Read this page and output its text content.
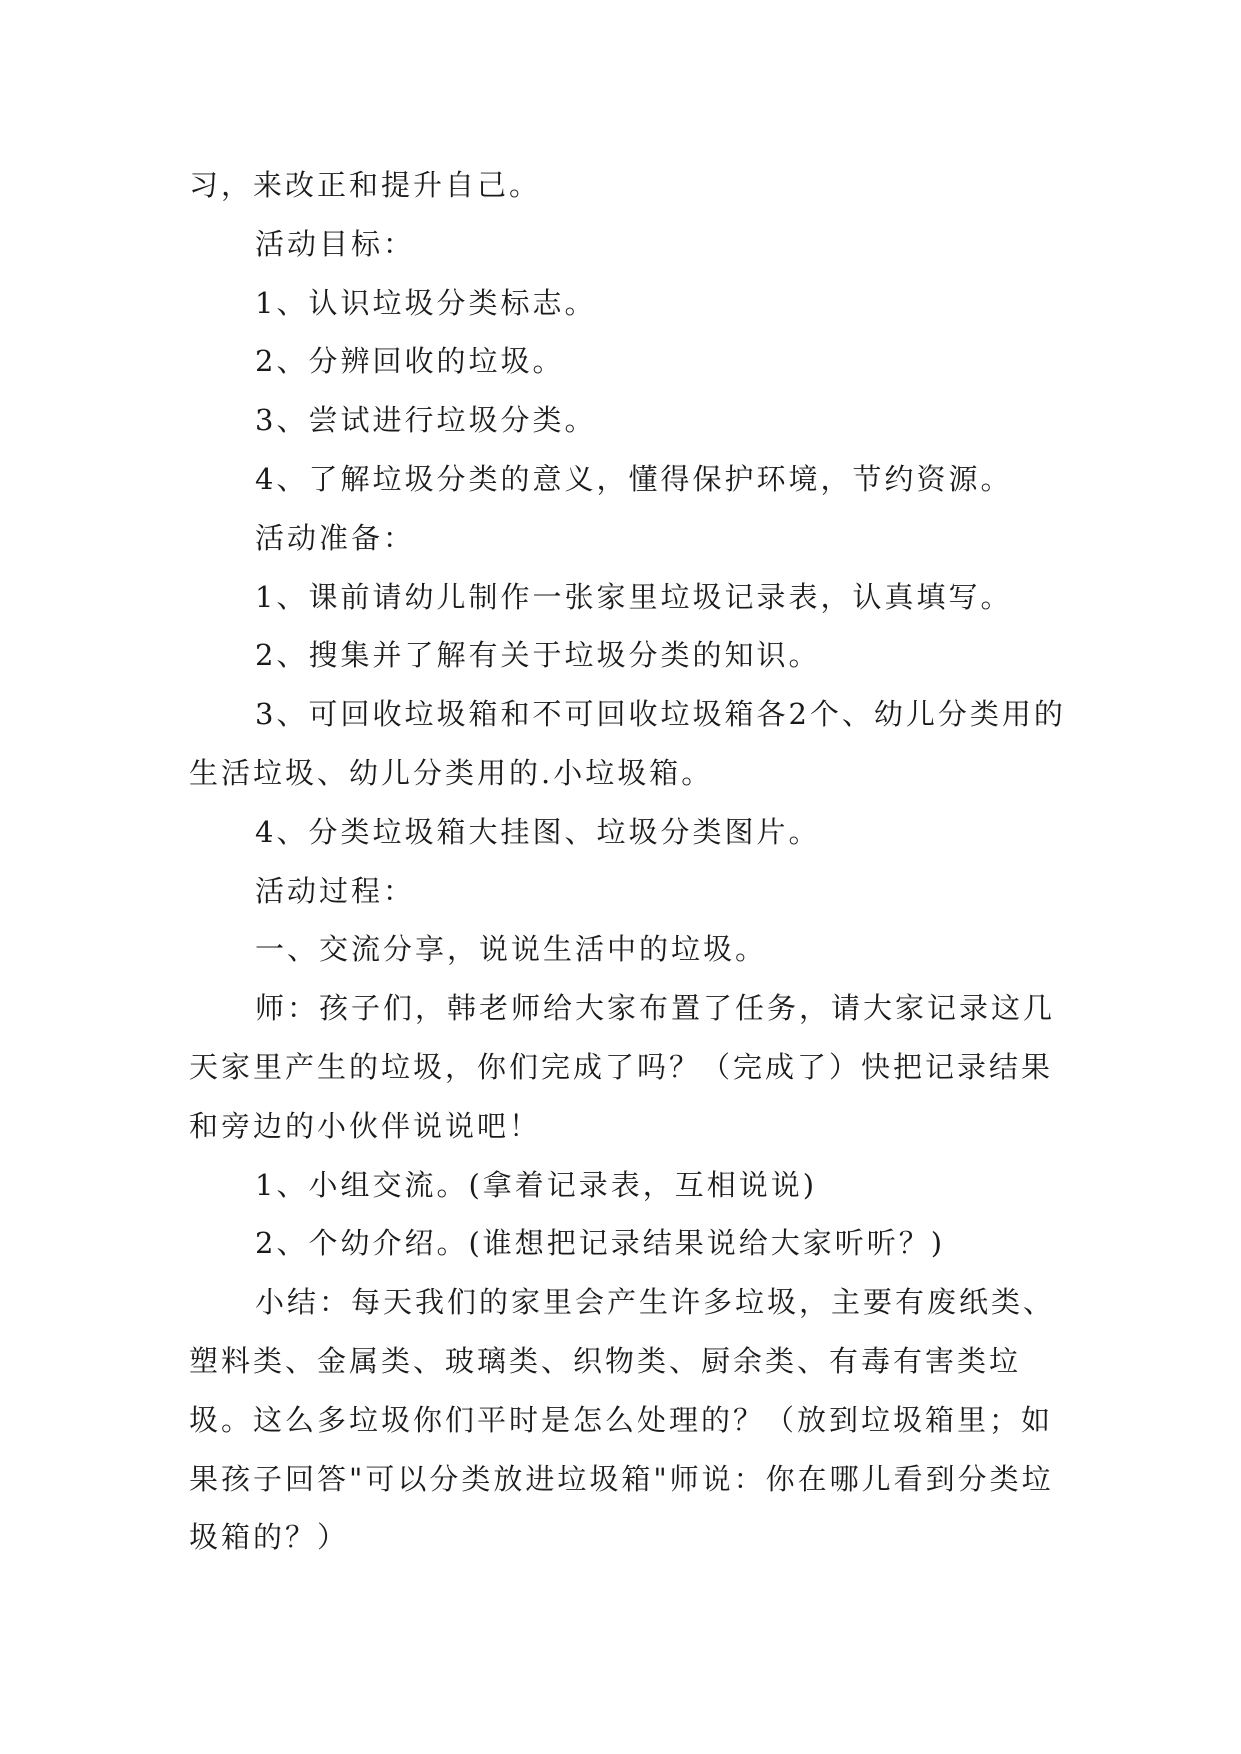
习，来改正和提升自己。

活动目标：

1、认识垃圾分类标志。

2、分辨回收的垃圾。

3、尝试进行垃圾分类。

4、了解垃圾分类的意义，懂得保护环境，节约资源。

活动准备：

1、课前请幼儿制作一张家里垃圾记录表，认真填写。

2、搜集并了解有关于垃圾分类的知识。

3、可回收垃圾箱和不可回收垃圾箱各2个、幼儿分类用的生活垃圾、幼儿分类用的.小垃圾箱。

4、分类垃圾箱大挂图、垃圾分类图片。

活动过程：

一、交流分享，说说生活中的垃圾。

师：孩子们，韩老师给大家布置了任务，请大家记录这几天家里产生的垃圾，你们完成了吗？（完成了）快把记录结果和旁边的小伙伴说说吧！

1、小组交流。(拿着记录表，互相说说)

2、个幼介绍。(谁想把记录结果说给大家听听？)

小结：每天我们的家里会产生许多垃圾，主要有废纸类、塑料类、金属类、玻璃类、织物类、厨余类、有毒有害类垃圾。这么多垃圾你们平时是怎么处理的？（放到垃圾箱里；如果孩子回答"可以分类放进垃圾箱"师说：你在哪儿看到分类垃圾箱的？）
